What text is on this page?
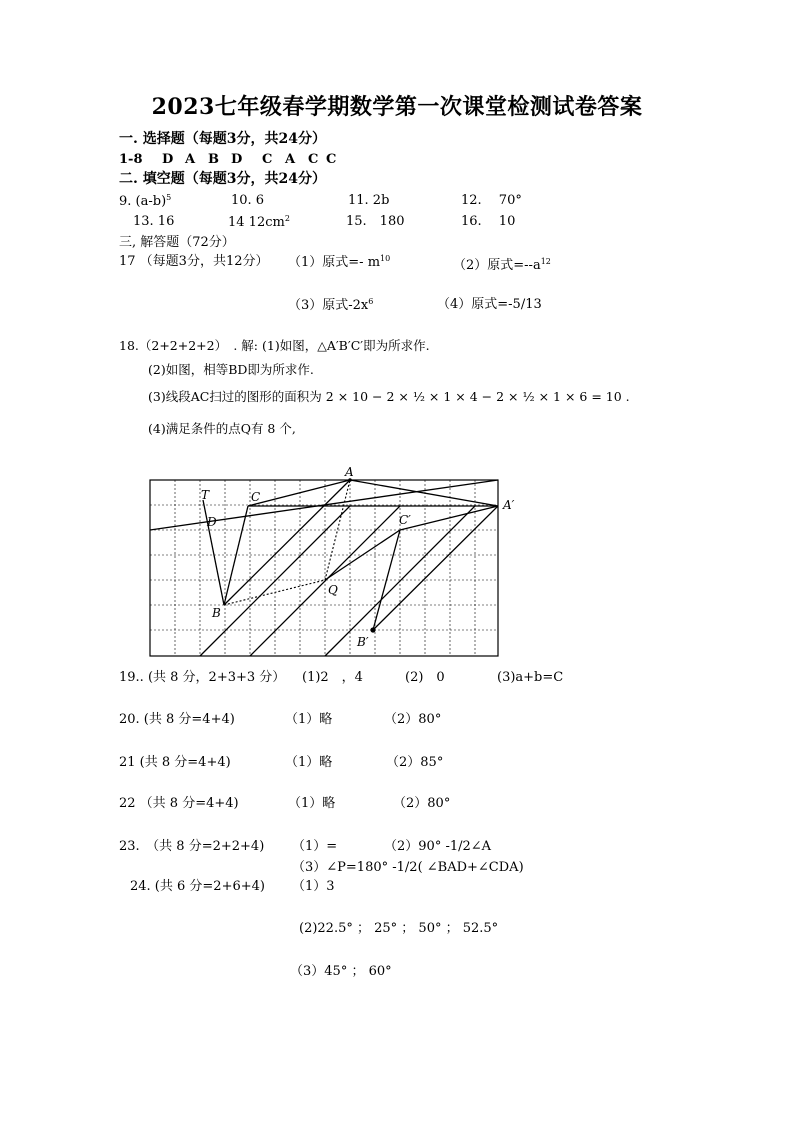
2023七年级春学期数学第一次课堂检测试卷答案
一. 选择题（每题3分，共24分）
1-8 D A B D C A C C
二. 填空题（每题3分，共24分）
9. $(a-b)^5$	10. 6	11. 2b	12.　 70°
13. 16	14 $12cm^2$	15.　180	16.　 10
三, 解答题（72分）
17 （每题3分，共12分） （1）原式=- $m^{10}$	（2）原式$=--a^{12}$
（3）原式$-2x^6$	（4）原式=-5/13
18.（2+2+2+2）　. 解: (1)如图，△A′B′C′即为所求作.
(2)如图，相等BD即为所求作.
(3)线段AC扫过的图形的面积为 2 × 10 − 2 × ½ × 1 × 4 − 2 × ½ × 1 × 6 = 10 .
(4)满足条件的点Q有 8 个,
A
C
T
D	C′
A′
Q
B
B′
19.. (共 8 分，2+3+3 分） (1)2　，4	(2)　0	(3)a+b=C
20. (共 8 分=4+4)	（1）略	（2）80°
21 (共 8 分=4+4)	（1）略	（2）85°
22 （共 8 分=4+4)	（1）略	（2）80°
23.　（共 8 分=2+2+4) （1）=	（2）90° -1/2∠A
（3）∠P=180° -1/2( ∠BAD+∠CDA)
24. (共 6 分=2+6+4) （1）3
(2)22.5° ； 25° ； 50° ； 52.5°
（3）45° ； 60°
